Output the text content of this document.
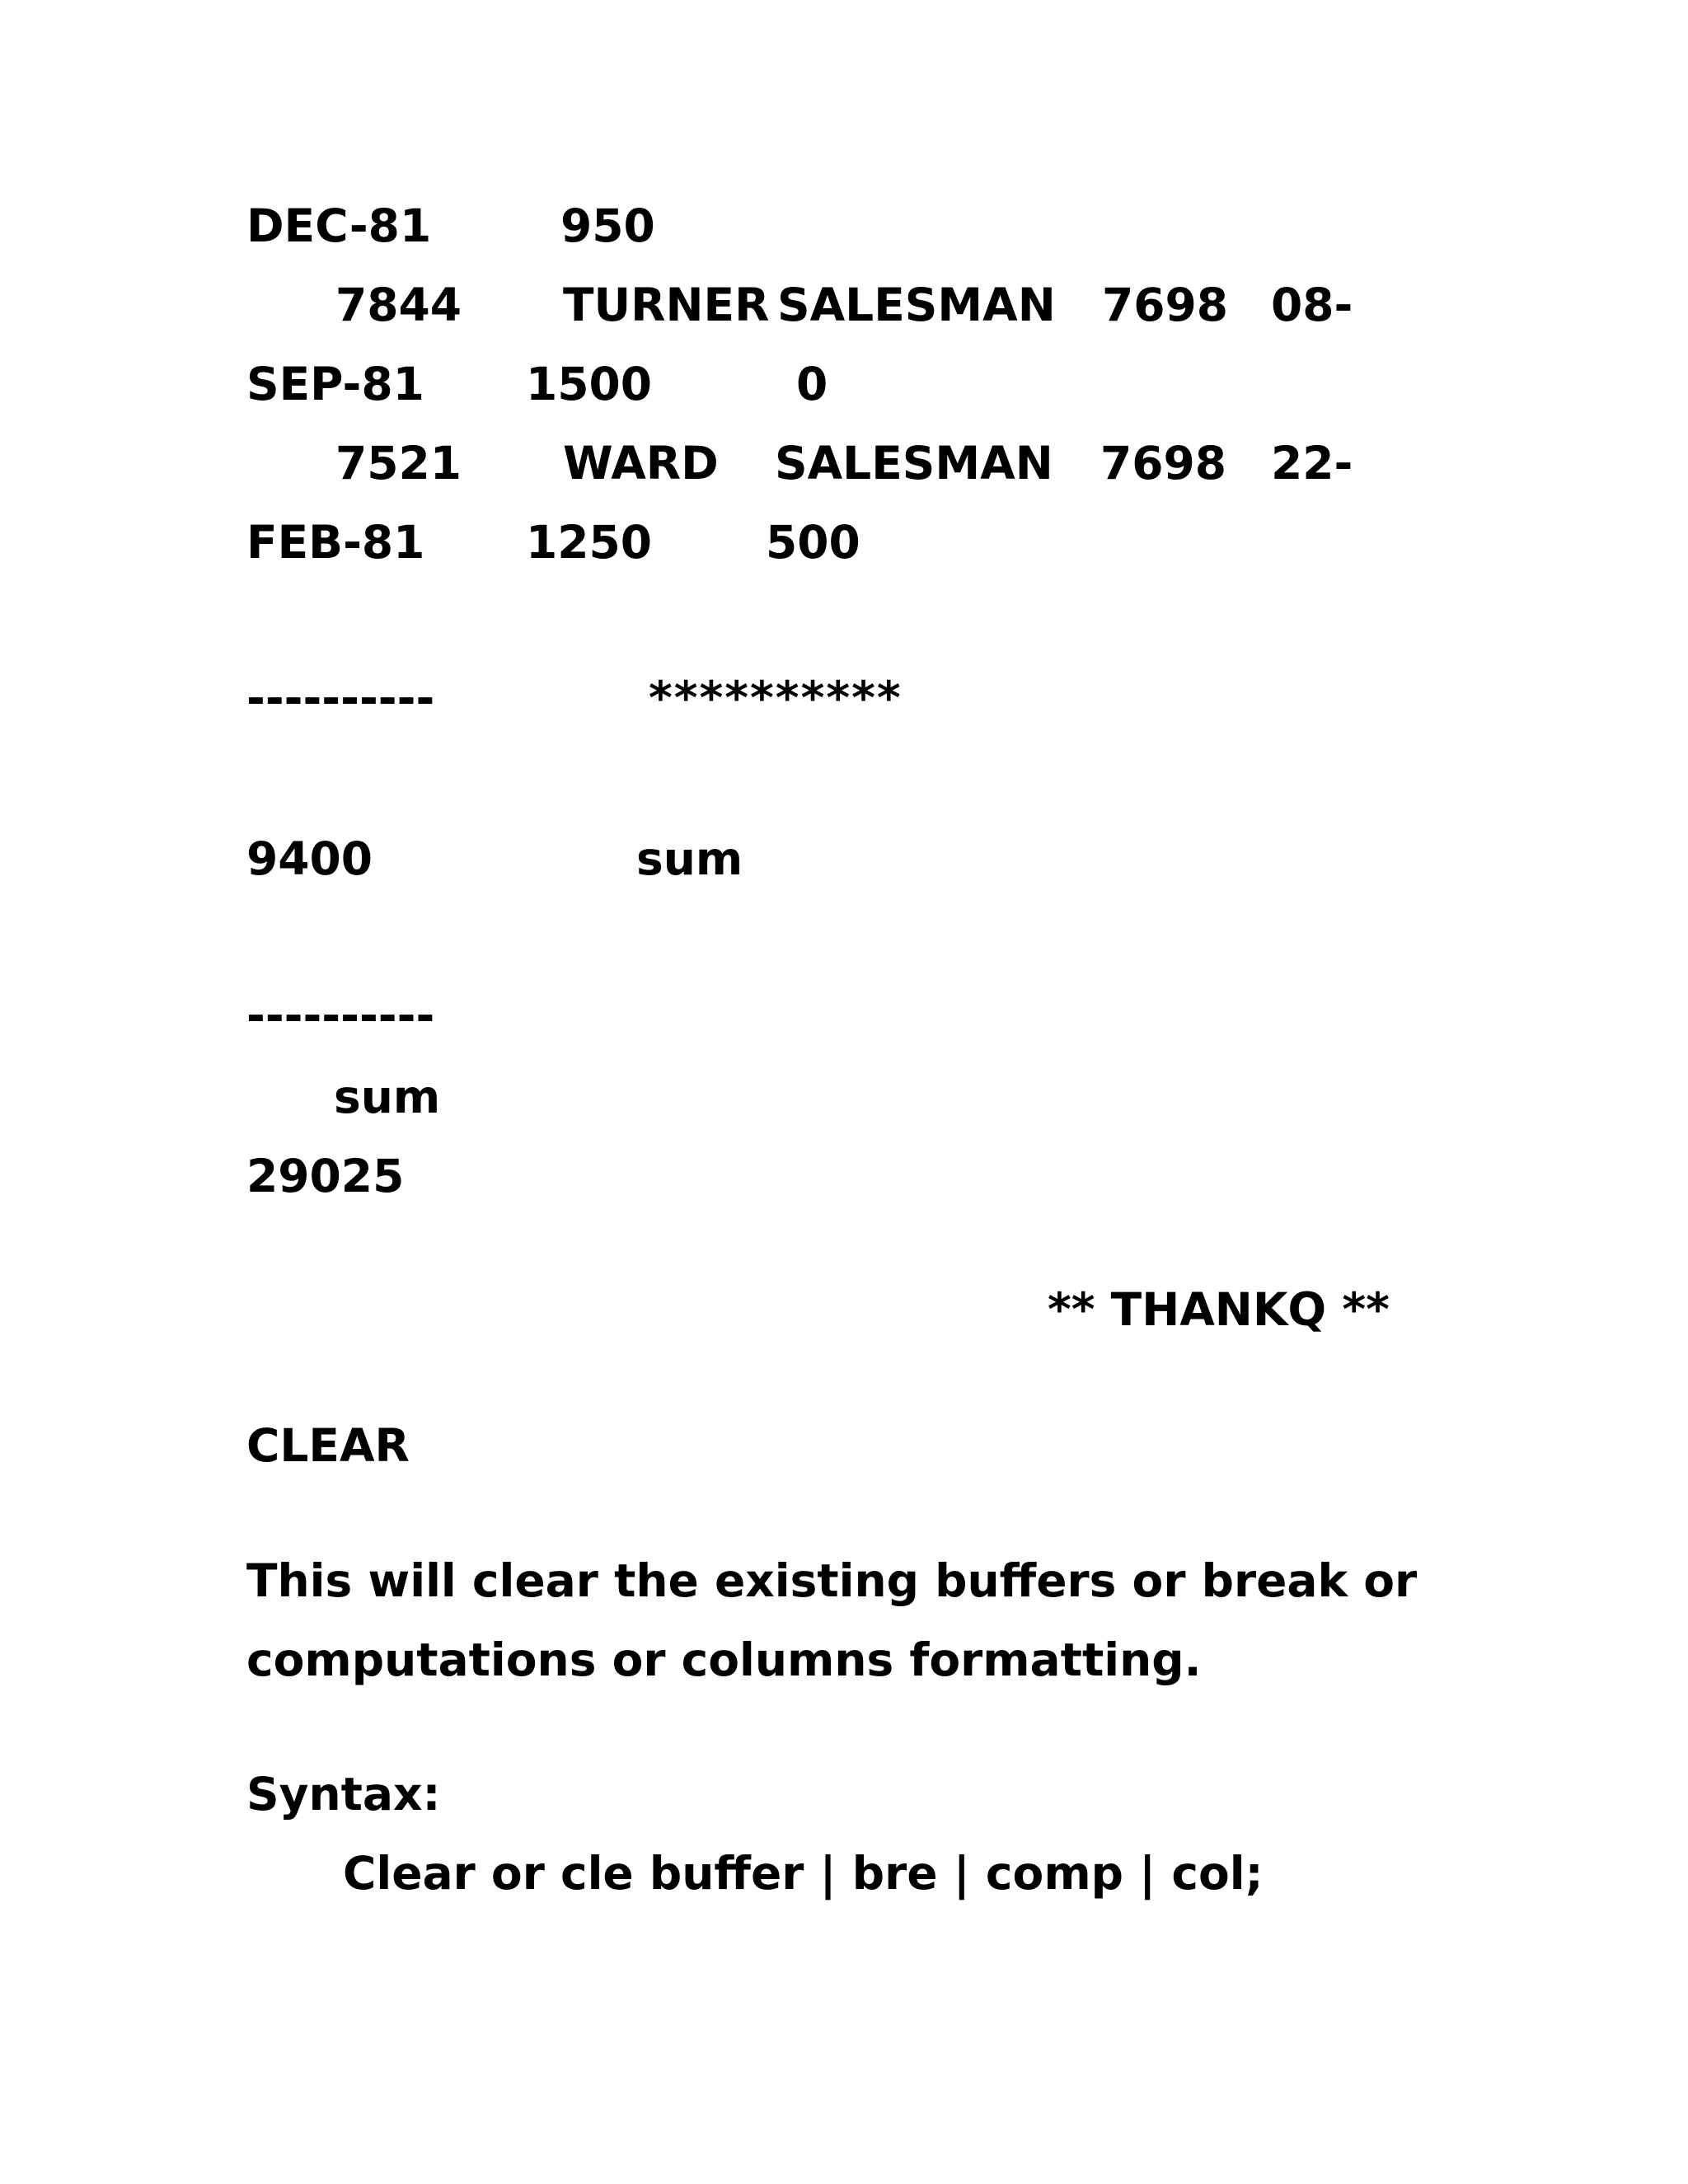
DEC-81	950
7844 TURNER SALESMAN 7698 08-
SEP-81 1500	0
7521 WARD SALESMAN 7698 22-
FEB-81 1250	500
----------	**********
9400	sum
----------
sum
29025
** THANKQ **
CLEAR
This will clear the existing buffers or break or
computations or columns formatting.
Syntax:
Clear or cle buffer | bre | comp | col;
